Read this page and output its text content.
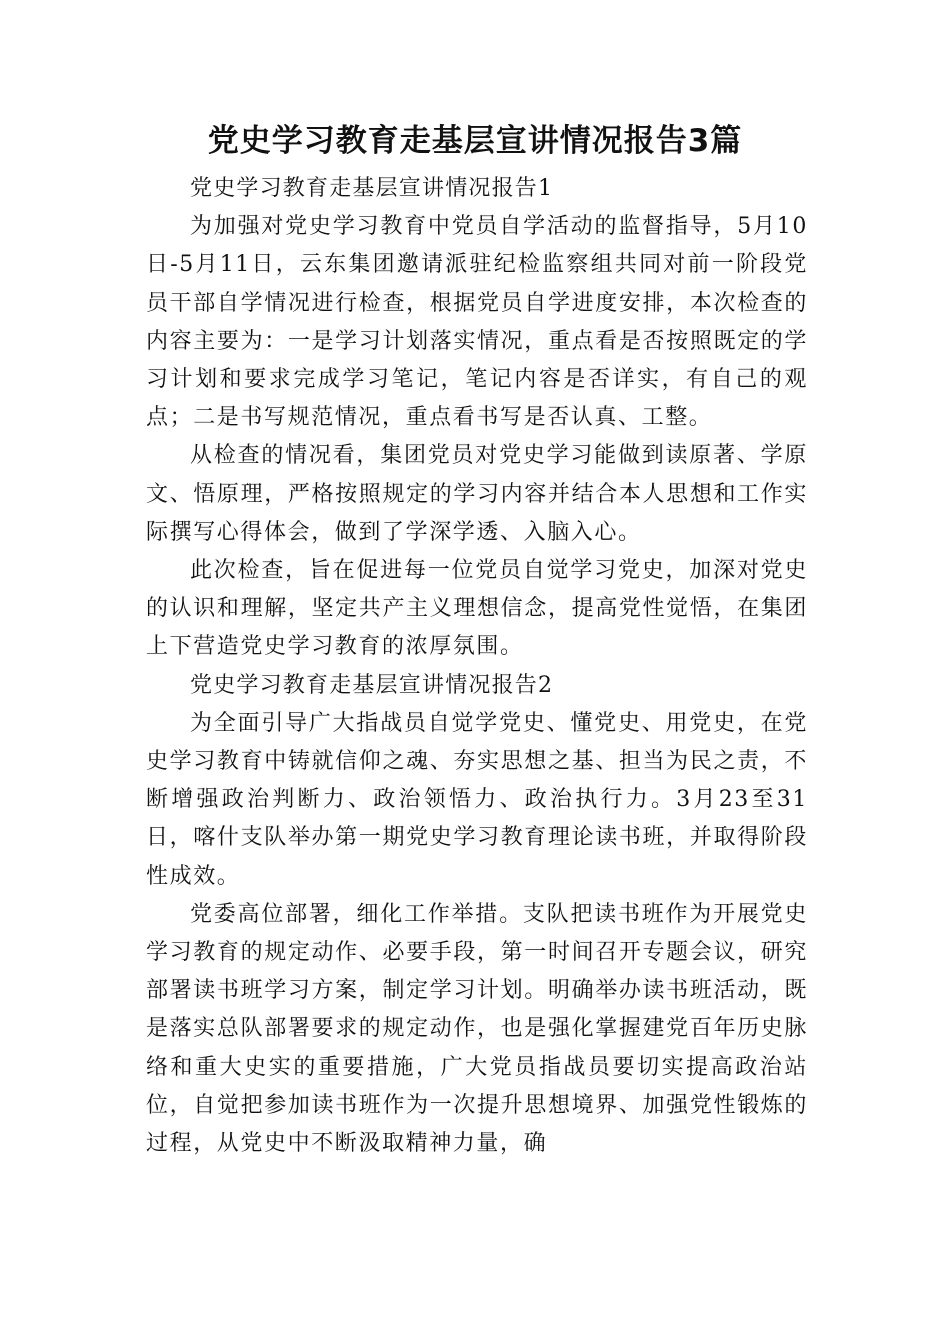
党史学习教育走基层宣讲情况报告3篇

党史学习教育走基层宣讲情况报告1

为加强对党史学习教育中党员自学活动的监督指导，5月10日-5月11日，云东集团邀请派驻纪检监察组共同对前一阶段党员干部自学情况进行检查，根据党员自学进度安排，本次检查的内容主要为：一是学习计划落实情况，重点看是否按照既定的学习计划和要求完成学习笔记，笔记内容是否详实，有自己的观点；二是书写规范情况，重点看书写是否认真、工整。

从检查的情况看，集团党员对党史学习能做到读原著、学原文、悟原理，严格按照规定的学习内容并结合本人思想和工作实际撰写心得体会，做到了学深学透、入脑入心。

此次检查，旨在促进每一位党员自觉学习党史，加深对党史的认识和理解，坚定共产主义理想信念，提高党性觉悟，在集团上下营造党史学习教育的浓厚氛围。

党史学习教育走基层宣讲情况报告2

为全面引导广大指战员自觉学党史、懂党史、用党史，在党史学习教育中铸就信仰之魂、夯实思想之基、担当为民之责，不断增强政治判断力、政治领悟力、政治执行力。3月23至31日，喀什支队举办第一期党史学习教育理论读书班，并取得阶段性成效。

党委高位部署，细化工作举措。支队把读书班作为开展党史学习教育的规定动作、必要手段，第一时间召开专题会议，研究部署读书班学习方案，制定学习计划。明确举办读书班活动，既是落实总队部署要求的规定动作，也是强化掌握建党百年历史脉络和重大史实的重要措施，广大党员指战员要切实提高政治站位，自觉把参加读书班作为一次提升思想境界、加强党性锻炼的过程，从党史中不断汲取精神力量，确
